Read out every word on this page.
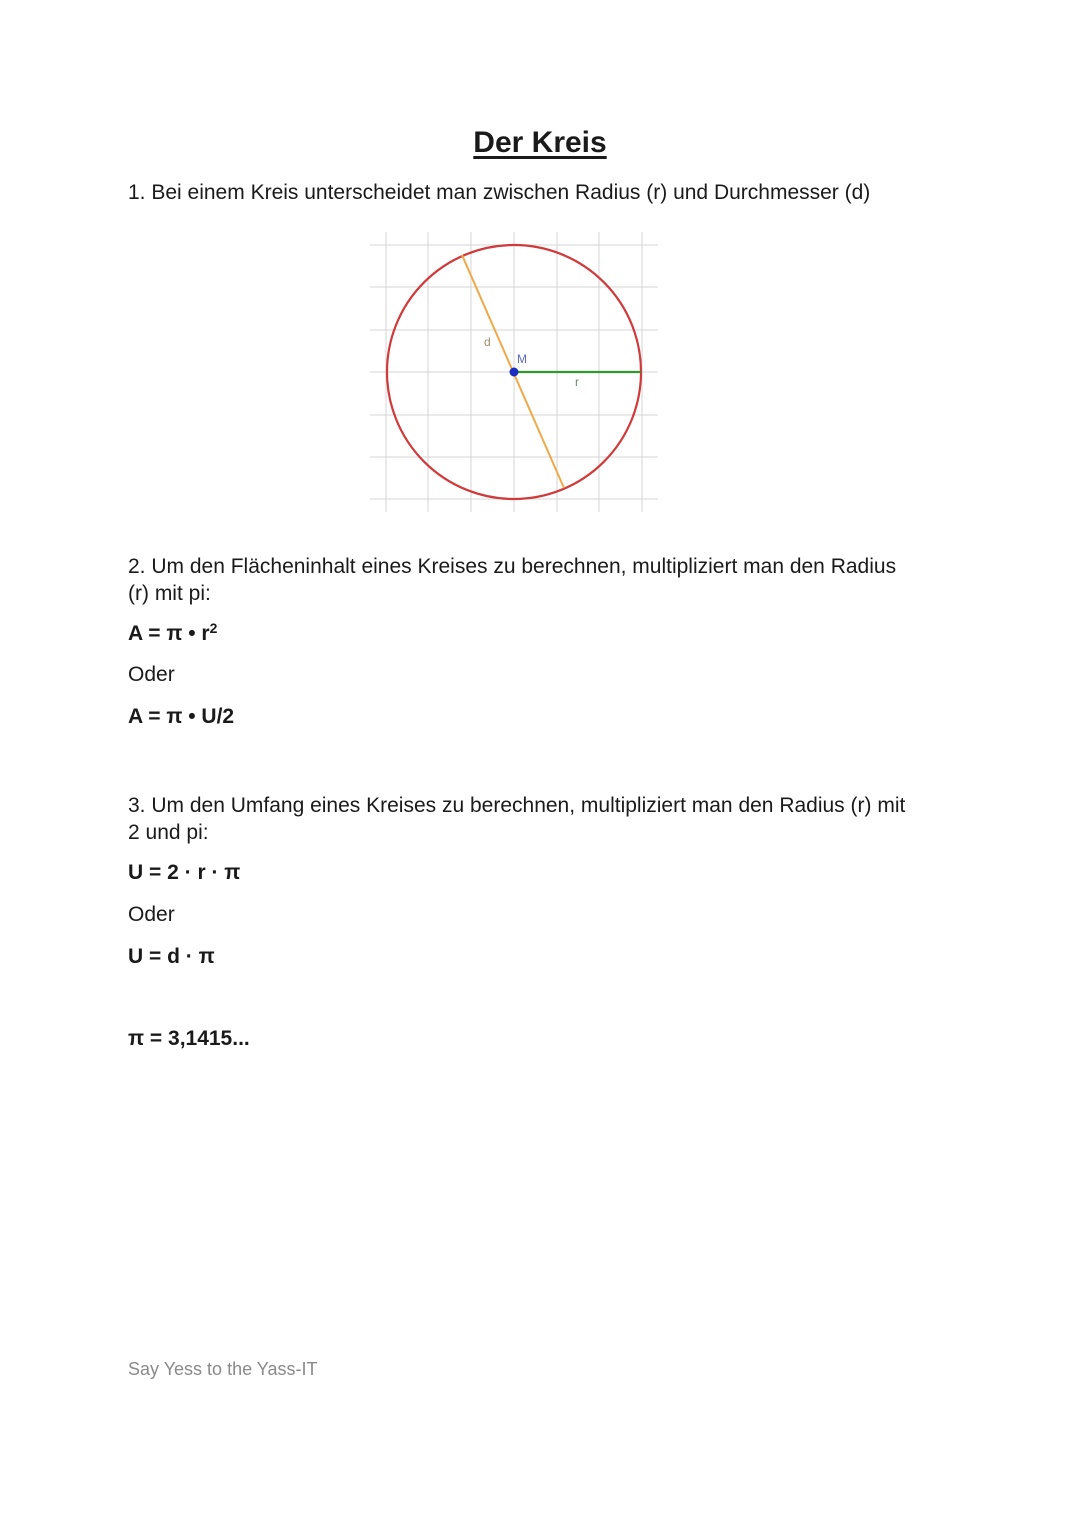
Der Kreis

1. Bei einem Kreis unterscheidet man zwischen Radius (r) und Durchmesser (d)

d
M
r

2. Um den Flächeninhalt eines Kreises zu berechnen, multipliziert man den Radius

(r) mit pi:

A = π • $r^2$

Oder

A = π • U/2

3. Um den Umfang eines Kreises zu berechnen, multipliziert man den Radius (r) mit

2 und pi:

U = 2 · r · π

Oder

U = d · π

π = 3,1415...

Say Yess to the Yass-IT
